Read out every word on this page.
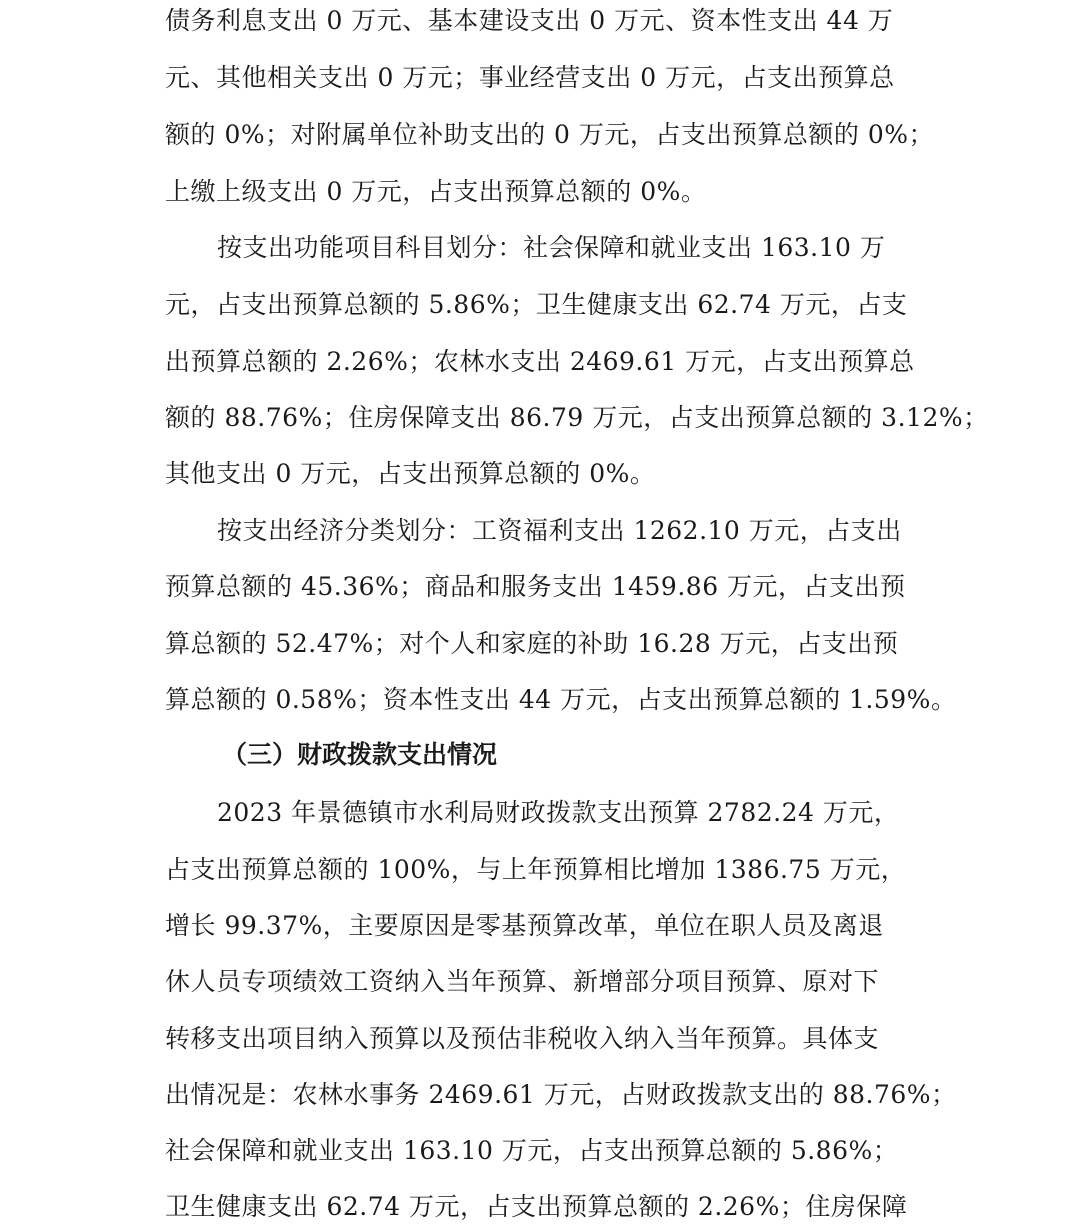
债务利息支出 0 万元、基本建设支出 0 万元、资本性支出 44 万
元、其他相关支出 0 万元；事业经营支出 0 万元，占支出预算总
额的 0%；对附属单位补助支出的 0 万元，占支出预算总额的 0%；
上缴上级支出 0 万元，占支出预算总额的 0%。
按支出功能项目科目划分：社会保障和就业支出 163.10 万
元，占支出预算总额的 5.86%；卫生健康支出 62.74 万元，占支
出预算总额的 2.26%；农林水支出 2469.61 万元，占支出预算总
额的 88.76%；住房保障支出 86.79 万元，占支出预算总额的 3.12%；
其他支出 0 万元，占支出预算总额的 0%。
按支出经济分类划分：工资福利支出 1262.10 万元，占支出
预算总额的 45.36%；商品和服务支出 1459.86 万元，占支出预
算总额的 52.47%；对个人和家庭的补助 16.28 万元，占支出预
算总额的 0.58%；资本性支出 44 万元，占支出预算总额的 1.59%。
（三）财政拨款支出情况
2023 年景德镇市水利局财政拨款支出预算 2782.24 万元，
占支出预算总额的 100%，与上年预算相比增加 1386.75 万元，
增长 99.37%，主要原因是零基预算改革，单位在职人员及离退
休人员专项绩效工资纳入当年预算、新增部分项目预算、原对下
转移支出项目纳入预算以及预估非税收入纳入当年预算。具体支
出情况是：农林水事务 2469.61 万元，占财政拨款支出的 88.76%；
社会保障和就业支出 163.10 万元，占支出预算总额的 5.86%；
卫生健康支出 62.74 万元，占支出预算总额的 2.26%；住房保障
